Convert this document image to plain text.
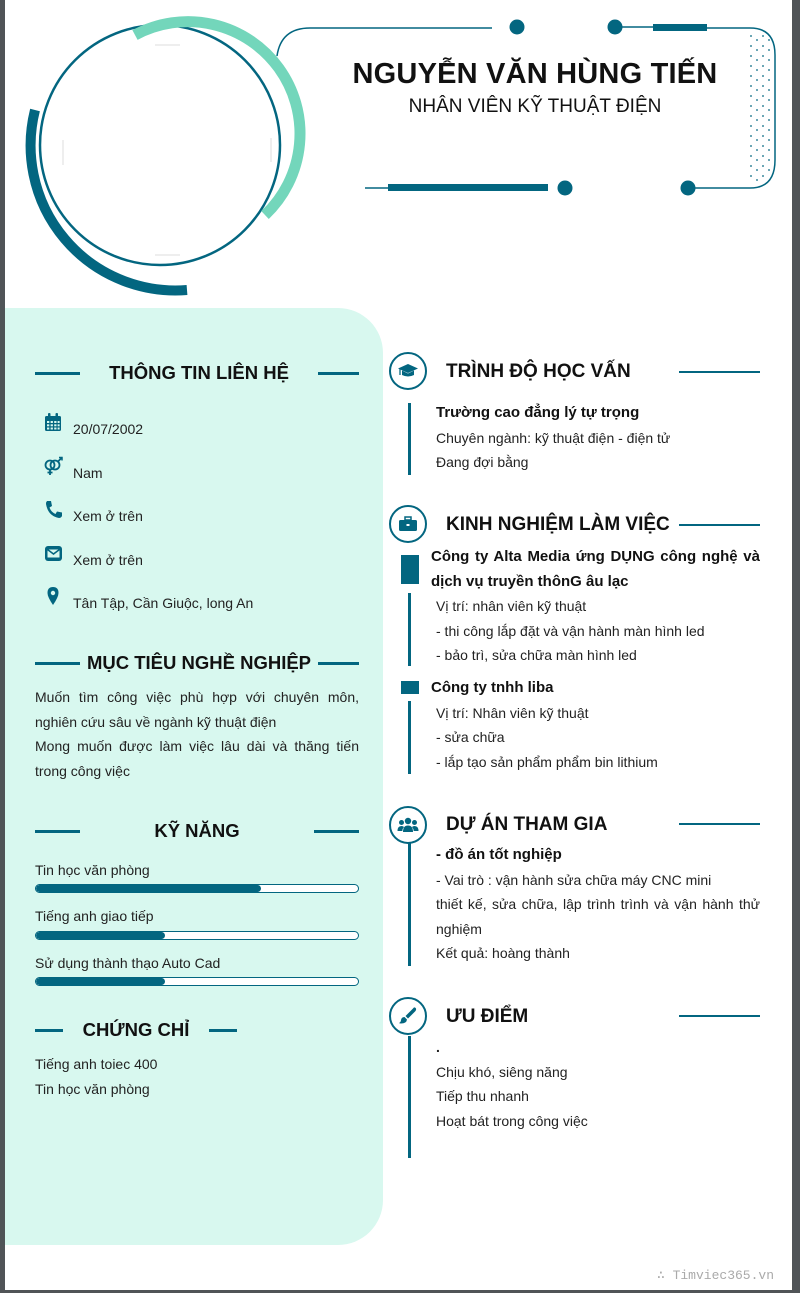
NGUYỄN VĂN HÙNG TIẾN
NHÂN VIÊN KỸ THUẬT ĐIỆN
THÔNG TIN LIÊN HỆ
20/07/2002
Nam
Xem ở trên
Xem ở trên
Tân Tập, Cần Giuộc, long An
MỤC TIÊU NGHỀ NGHIỆP
Muốn tìm công việc phù hợp với chuyên môn, nghiên cứu sâu về ngành kỹ thuật điện
Mong muốn được làm việc lâu dài và thăng tiến trong công việc
KỸ NĂNG
Tin học văn phòng
Tiếng anh giao tiếp
Sử dụng thành thạo Auto Cad
CHỨNG CHỈ
Tiếng anh toiec 400
Tin học văn phòng
TRÌNH ĐỘ HỌC VẤN
Trường cao đẳng lý tự trọng
Chuyên ngành: kỹ thuật điện - điện tử
Đang đợi bằng
KINH NGHIỆM LÀM VIỆC
Công ty Alta Media ứng DỤNG công nghệ và dịch vụ truyền thônG âu lạc
Vị trí: nhân viên kỹ thuật
- thi công lắp đặt và vận hành màn hình led
- bảo trì, sửa chữa màn hình led
Công ty tnhh liba
Vị trí: Nhân viên kỹ thuật
- sửa chữa
- lắp tạo sản phẩm phẩm bin lithium
DỰ ÁN THAM GIA
- đồ án tốt nghiệp
- Vai trò : vận hành sửa chữa máy CNC mini
thiết kế, sửa chữa, lập trình trình và vận hành thử nghiệm
Kết quả: hoàng thành
ƯU ĐIỂM
.
Chịu khó, siêng năng
Tiếp thu nhanh
Hoạt bát trong công việc
∴ Timviec365.vn
